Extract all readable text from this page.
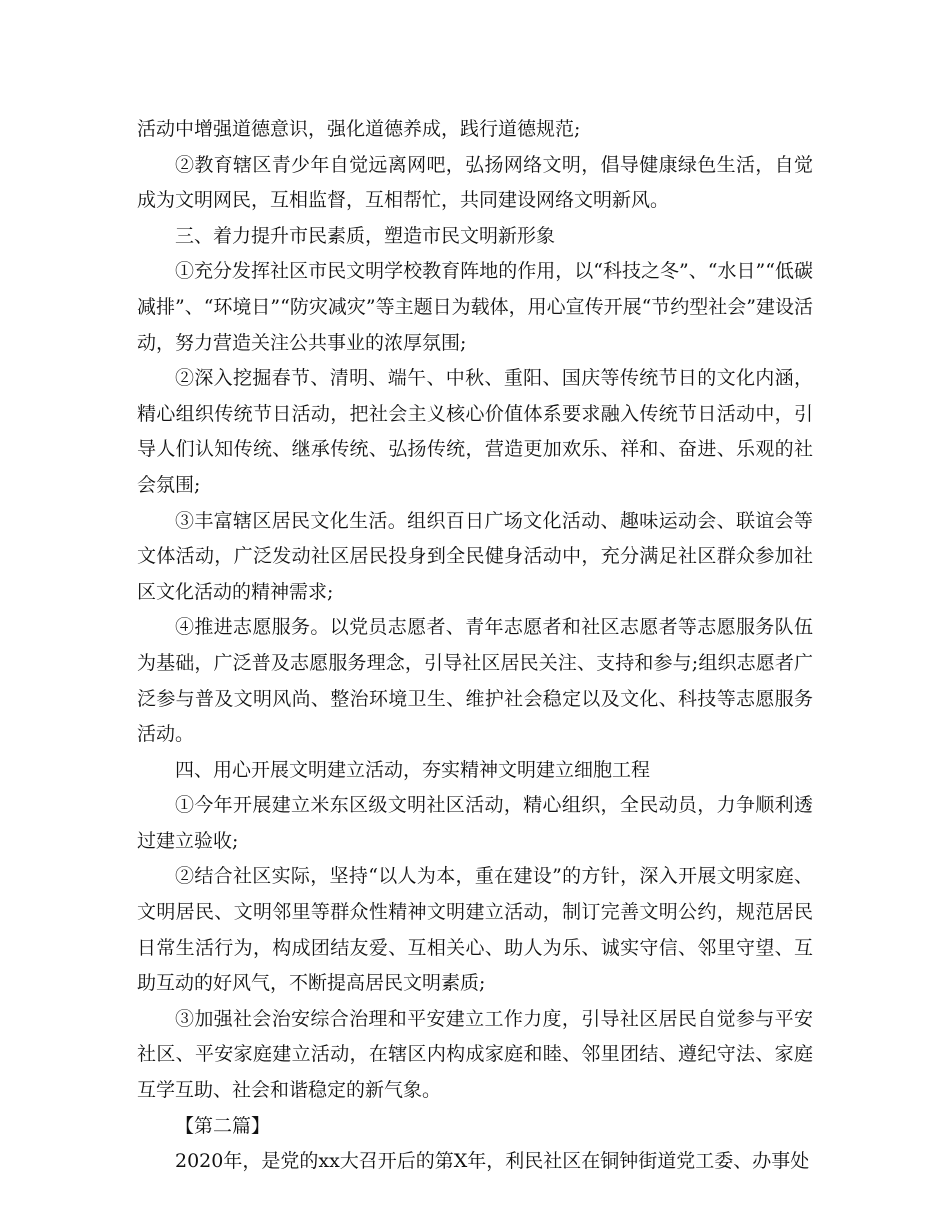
活动中增强道德意识，强化道德养成，践行道德规范;

②教育辖区青少年自觉远离网吧，弘扬网络文明，倡导健康绿色生活，自觉成为文明网民，互相监督，互相帮忙，共同建设网络文明新风。

三、着力提升市民素质，塑造市民文明新形象

①充分发挥社区市民文明学校教育阵地的作用，以“科技之冬”、“水日”“低碳减排”、“环境日”“防灾减灾”等主题日为载体，用心宣传开展“节约型社会”建设活动，努力营造关注公共事业的浓厚氛围;

②深入挖掘春节、清明、端午、中秋、重阳、国庆等传统节日的文化内涵，精心组织传统节日活动，把社会主义核心价值体系要求融入传统节日活动中，引导人们认知传统、继承传统、弘扬传统，营造更加欢乐、祥和、奋进、乐观的社会氛围;

③丰富辖区居民文化生活。组织百日广场文化活动、趣味运动会、联谊会等文体活动，广泛发动社区居民投身到全民健身活动中，充分满足社区群众参加社区文化活动的精神需求;

④推进志愿服务。以党员志愿者、青年志愿者和社区志愿者等志愿服务队伍为基础，广泛普及志愿服务理念，引导社区居民关注、支持和参与;组织志愿者广泛参与普及文明风尚、整治环境卫生、维护社会稳定以及文化、科技等志愿服务活动。

四、用心开展文明建立活动，夯实精神文明建立细胞工程

①今年开展建立米东区级文明社区活动，精心组织，全民动员，力争顺利透过建立验收;

②结合社区实际，坚持“以人为本，重在建设”的方针，深入开展文明家庭、文明居民、文明邻里等群众性精神文明建立活动，制订完善文明公约，规范居民日常生活行为，构成团结友爱、互相关心、助人为乐、诚实守信、邻里守望、互助互动的好风气，不断提高居民文明素质;

③加强社会治安综合治理和平安建立工作力度，引导社区居民自觉参与平安社区、平安家庭建立活动，在辖区内构成家庭和睦、邻里团结、遵纪守法、家庭互学互助、社会和谐稳定的新气象。

【第二篇】

2020年，是党的xx大召开后的第X年，利民社区在铜钟街道党工委、办事处
